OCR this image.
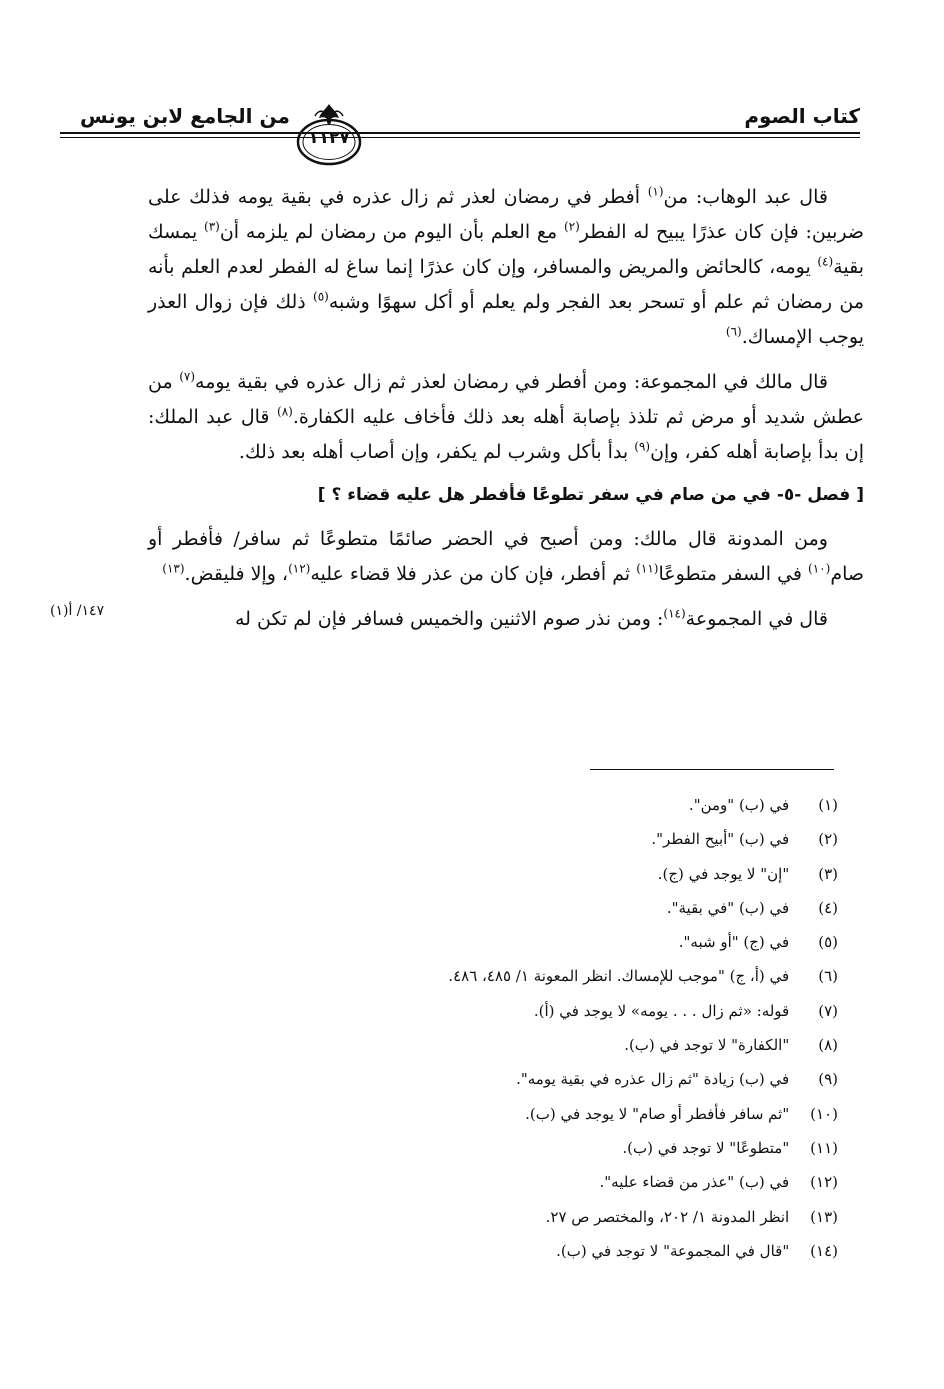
كتاب الصوم
١١٢٧
من الجامع لابن يونس

قال عبد الوهاب: من$^{(١)}$ أفطر في رمضان لعذر ثم زال عذره في بقية يومه فذلك على ضربين: فإن كان عذرًا يبيح له الفطر$^{(٢)}$ مع العلم بأن اليوم من رمضان لم يلزمه أن$^{(٣)}$ يمسك بقية$^{(٤)}$ يومه، كالحائض والمريض والمسافر، وإن كان عذرًا إنما ساغ له الفطر لعدم العلم بأنه من رمضان ثم علم أو تسحر بعد الفجر ولم يعلم أو أكل سهوًا وشبه$^{(٥)}$ ذلك فإن زوال العذر يوجب الإمساك.$^{(٦)}$

قال مالك في المجموعة: ومن أفطر في رمضان لعذر ثم زال عذره في بقية يومه$^{(٧)}$ من عطش شديد أو مرض ثم تلذذ بإصابة أهله بعد ذلك فأخاف عليه الكفارة.$^{(٨)}$ قال عبد الملك: إن بدأ بإصابة أهله كفر، وإن$^{(٩)}$ بدأ بأكل وشرب لم يكفر، وإن أصاب أهله بعد ذلك.

[ فصل -٥- في من صام في سفر تطوعًا فأفطر هل عليه قضاء ؟ ]

ومن المدونة قال مالك: ومن أصبح في الحضر صائمًا متطوعًا ثم سافر/ فأفطر أو صام$^{(١٠)}$ في السفر متطوعًا$^{(١١)}$ ثم أفطر، فإن كان من عذر فلا قضاء عليه$^{(١٢)}$، وإلا فليقض.$^{(١٣)}$

قال في المجموعة$^{(١٤)}$: ومن نذر صوم الاثنين والخميس فسافر فإن لم تكن له

١٤٧/ أ(١)
(١) في (ب) "ومن".
(٢) في (ب) "أبيح الفطر".
(٣) "إن" لا يوجد في (ج).
(٤) في (ب) "في بقية".
(٥) في (ج) "أو شبه".
(٦) في (أ، ج) "موجب للإمساك. انظر المعونة ١/ ٤٨٥، ٤٨٦.
(٧) قوله: «ثم زال . . . يومه» لا يوجد في (أ).
(٨) "الكفارة" لا توجد في (ب).
(٩) في (ب) زيادة "ثم زال عذره في بقية يومه".
(١٠) "ثم سافر فأفطر أو صام" لا يوجد في (ب).
(١١) "متطوعًا" لا توجد في (ب).
(١٢) في (ب) "عذر من قضاء عليه".
(١٣) انظر المدونة ١/ ٢٠٢، والمختصر ص ٢٧.
(١٤) "قال في المجموعة" لا توجد في (ب).
